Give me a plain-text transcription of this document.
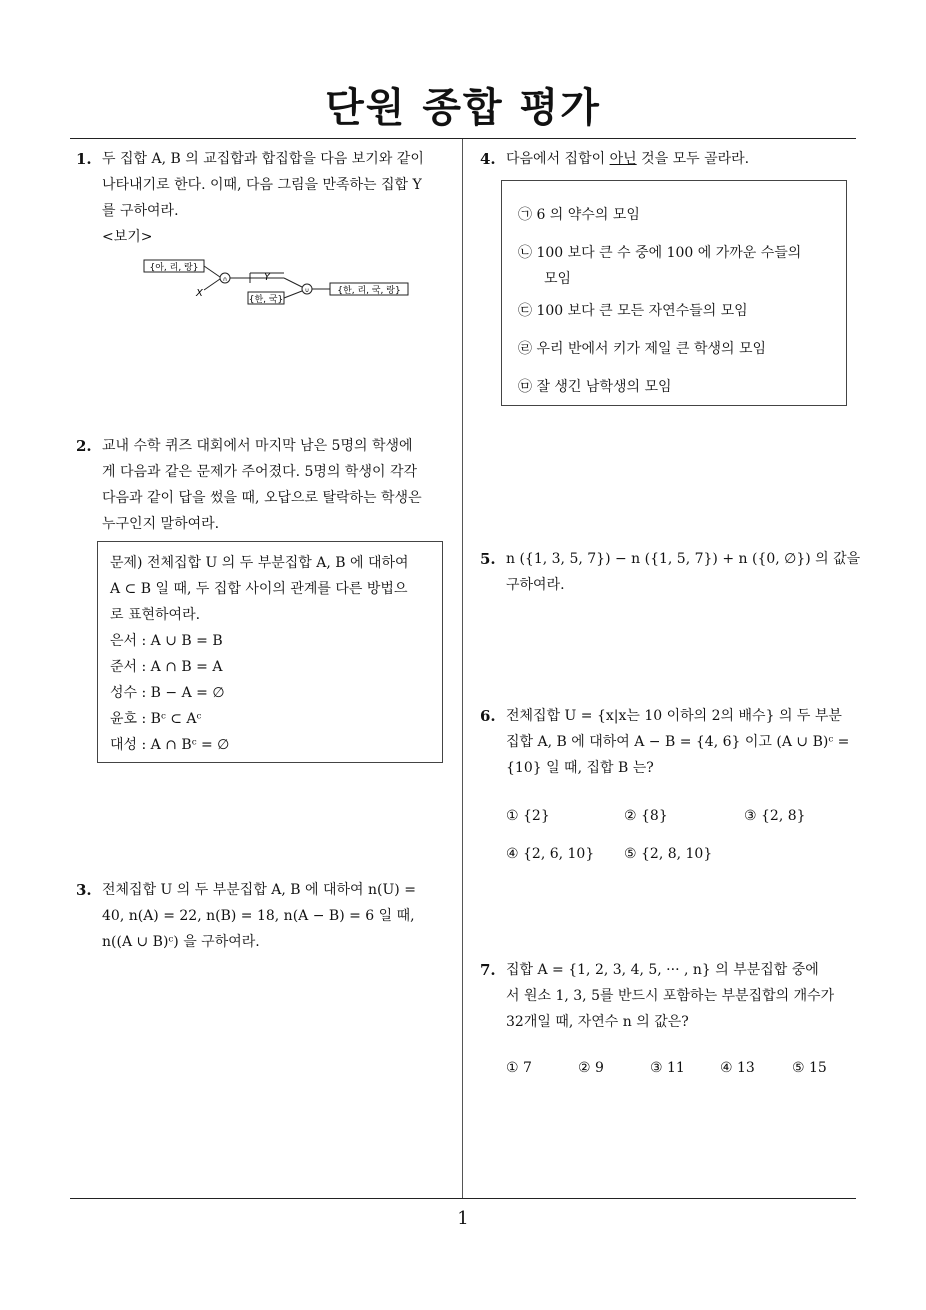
단원 종합 평가
1. 두 집합 A, B 의 교집합과 합집합을 다음 보기와 같이
나타내기로 한다. 이때, 다음 그림을 만족하는 집합 Y
를 구하여라.
<보기>
{아, 리, 랑}
X
∩	Y
{한, 국}
∪	{한, 리, 국, 랑}
2. 교내 수학 퀴즈 대회에서 마지막 남은 5명의 학생에
게 다음과 같은 문제가 주어졌다. 5명의 학생이 각각
다음과 같이 답을 썼을 때, 오답으로 탈락하는 학생은
누구인지 말하여라.
문제) 전체집합 U 의 두 부분집합 A, B 에 대하여
A ⊂ B 일 때, 두 집합 사이의 관계를 다른 방법으
로 표현하여라.
은서 : A ∪ B = B
준서 : A ∩ B = A
성수 : B − A = ∅
윤호 : Bᶜ ⊂ Aᶜ
대성 : A ∩ Bᶜ = ∅
3. 전체집합 U 의 두 부분집합 A, B 에 대하여 n(U) =
40, n(A) = 22, n(B) = 18, n(A − B) = 6 일 때,
n((A ∪ B)ᶜ) 을 구하여라.
4. 다음에서 집합이 아닌 것을 모두 골라라.
㉠ 6 의 약수의 모임
㉡ 100 보다 큰 수 중에 100 에 가까운 수들의
모임
㉢ 100 보다 큰 모든 자연수들의 모임
㉣ 우리 반에서 키가 제일 큰 학생의 모임
㉤ 잘 생긴 남학생의 모임
5. n ({1, 3, 5, 7}) − n ({1, 5, 7}) + n ({0, ∅}) 의 값을
구하여라.
6. 전체집합 U = {x|x는 10 이하의 2의 배수} 의 두 부분
집합 A, B 에 대하여 A − B = {4, 6} 이고 (A ∪ B)ᶜ =
{10} 일 때, 집합 B 는?
① {2}	② {8}	③ {2, 8}
④ {2, 6, 10} ⑤ {2, 8, 10}
7. 집합 A = {1, 2, 3, 4, 5, ··· , n} 의 부분집합 중에
서 원소 1, 3, 5를 반드시 포함하는 부분집합의 개수가
32개일 때, 자연수 n 의 값은?
① 7	② 9	③ 11	④ 13	⑤ 15
1
